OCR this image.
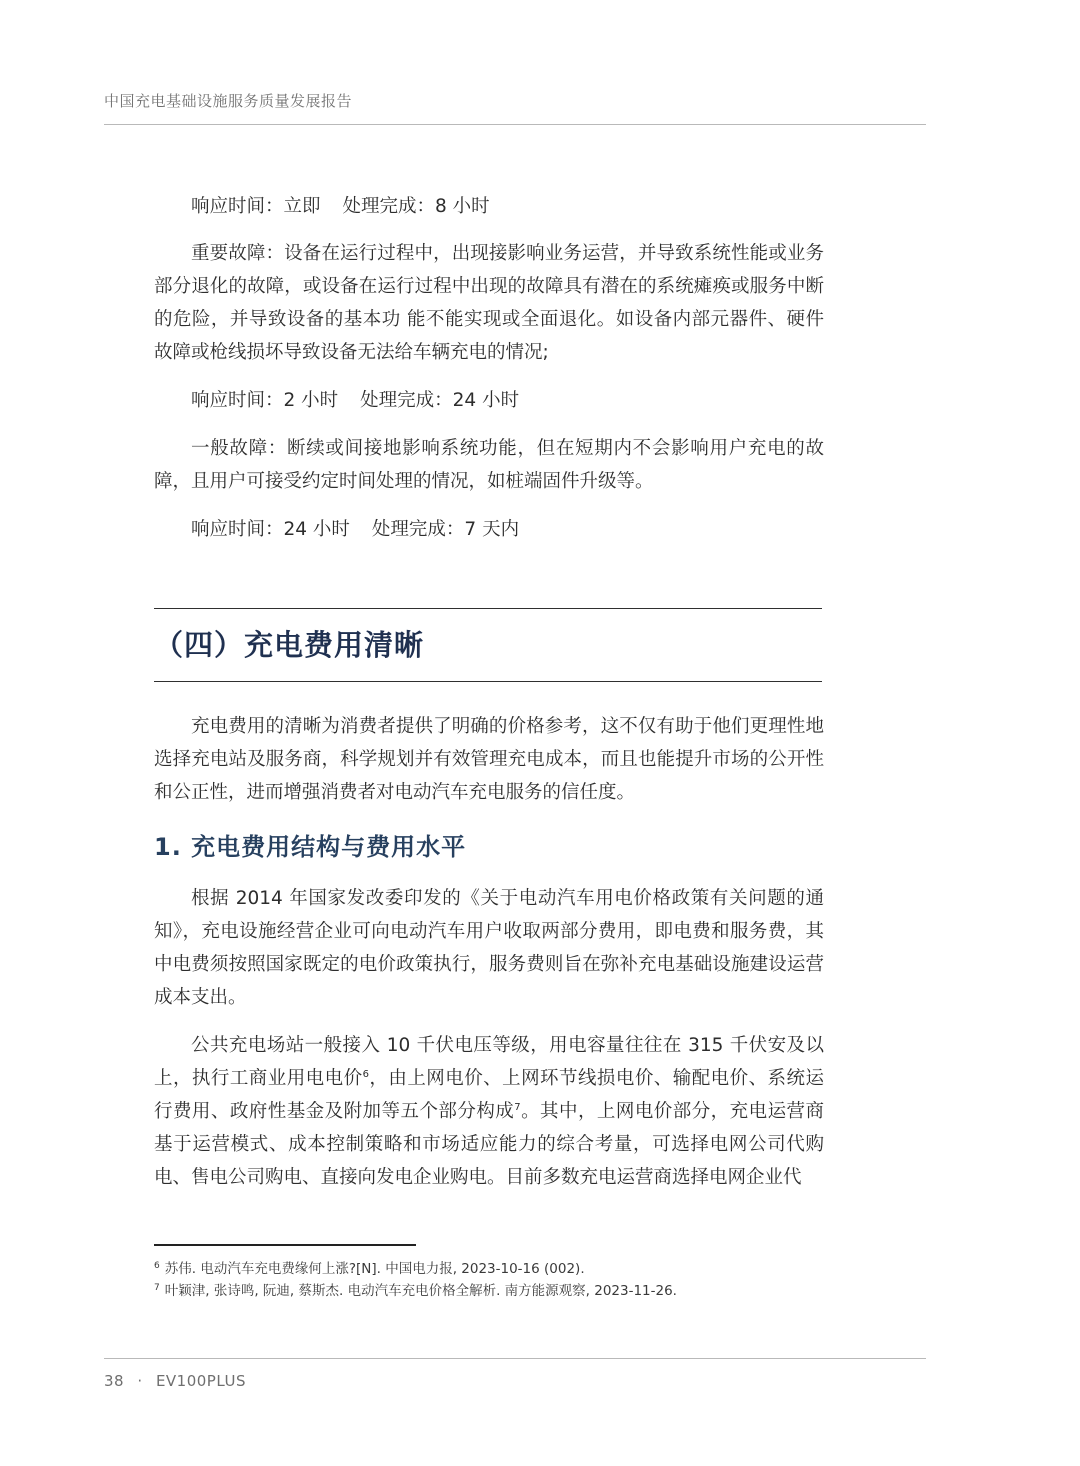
中国充电基础设施服务质量发展报告

响应时间：立即 处理完成：8 小时

重要故障：设备在运行过程中，出现接影响业务运营，并导致系统性能或业务部分退化的故障，或设备在运行过程中出现的故障具有潜在的系统瘫痪或服务中断的危险，并导致设备的基本功 能不能实现或全面退化。如设备内部元器件、硬件故障或枪线损坏导致设备无法给车辆充电的情况;

响应时间：2 小时 处理完成：24 小时

一般故障：断续或间接地影响系统功能，但在短期内不会影响用户充电的故障，且用户可接受约定时间处理的情况，如桩端固件升级等。

响应时间：24 小时 处理完成：7 天内

（四）充电费用清晰

充电费用的清晰为消费者提供了明确的价格参考，这不仅有助于他们更理性地选择充电站及服务商，科学规划并有效管理充电成本，而且也能提升市场的公开性和公正性，进而增强消费者对电动汽车充电服务的信任度。

1. 充电费用结构与费用水平

根据 2014 年国家发改委印发的《关于电动汽车用电价格政策有关问题的通知》，充电设施经营企业可向电动汽车用户收取两部分费用，即电费和服务费，其中电费须按照国家既定的电价政策执行，服务费则旨在弥补充电基础设施建设运营成本支出。

公共充电场站一般接入 10 千伏电压等级，用电容量往往在 315 千伏安及以上，执行工商业用电电价$^6$，由上网电价、上网环节线损电价、输配电价、系统运行费用、政府性基金及附加等五个部分构成$^7$。其中，上网电价部分，充电运营商基于运营模式、成本控制策略和市场适应能力的综合考量，可选择电网公司代购电、售电公司购电、直接向发电企业购电。目前多数充电运营商选择电网企业代

$^6$ 苏伟. 电动汽车充电费缘何上涨?[N]. 中国电力报, 2023-10-16 (002).
$^7$ 叶颖津, 张诗鸣, 阮迪, 蔡斯杰. 电动汽车充电价格全解析. 南方能源观察, 2023-11-26.
38 · EV100PLUS
